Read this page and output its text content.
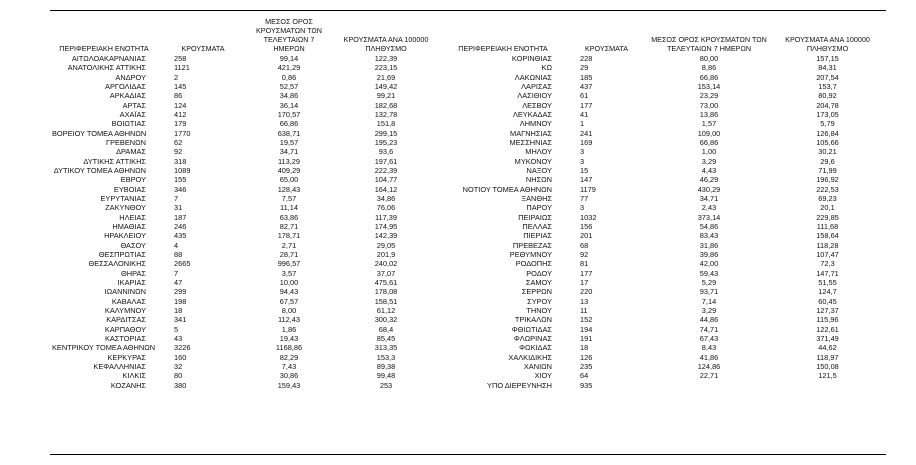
ΠΕΡΙΦΕΡΕΙΑΚΗ ΕΝΟΤΗΤΑ	ΚΡΟΥΣΜΑΤΑ	ΜΕΣΟΣ ΟΡΟΣ ΚΡΟΥΣΜΑΤΩΝ ΤΩΝ ΤΕΛΕΥΤΑΙΩΝ 7 ΗΜΕΡΩΝ	ΚΡΟΥΣΜΑΤΑ ΑΝΑ 100000 ΠΛΗΘΥΣΜΟ	ΠΕΡΙΦΕΡΕΙΑΚΗ ΕΝΟΤΗΤΑ	ΚΡΟΥΣΜΑΤΑ	ΜΕΣΟΣ ΟΡΟΣ ΚΡΟΥΣΜΑΤΩΝ ΤΩΝ ΤΕΛΕΥΤΑΙΩΝ 7 ΗΜΕΡΩΝ	ΚΡΟΥΣΜΑΤΑ ΑΝΑ 100000 ΠΛΗΘΥΣΜΟ
ΑΙΤΩΛΟΑΚΑΡΝΑΝΙΑΣ	258	99,14	122,39	ΚΟΡΙΝΘΙΑΣ	228	80,00	157,15
ΑΝΑΤΟΛΙΚΗΣ ΑΤΤΙΚΗΣ	1121	421,29	223,15	ΚΩ	29	8,86	84,31
ΑΝΔΡΟΥ	2	0,86	21,69	ΛΑΚΩΝΙΑΣ	185	66,86	207,54
ΑΡΓΟΛΙΔΑΣ	145	52,57	149,42	ΛΑΡΙΣΑΣ	437	153,14	153,7
ΑΡΚΑΔΙΑΣ	86	34,86	99,21	ΛΑΣΙΘΙΟΥ	61	23,29	80,92
ΑΡΤΑΣ	124	36,14	182,68	ΛΕΣΒΟΥ	177	73,00	204,78
ΑΧΑΪΑΣ	412	170,57	132,78	ΛΕΥΚΑΔΑΣ	41	13,86	173,05
ΒΟΙΩΤΙΑΣ	179	66,86	151,8	ΛΗΜΝΟΥ	1	1,57	5,79
ΒΟΡΕΙΟΥ ΤΟΜΕΑ ΑΘΗΝΩΝ	1770	638,71	299,15	ΜΑΓΝΗΣΙΑΣ	241	109,00	126,84
ΓΡΕΒΕΝΩΝ	62	19,57	195,23	ΜΕΣΣΗΝΙΑΣ	169	66,86	105,66
ΔΡΑΜΑΣ	92	34,71	93,6	ΜΗΛΟΥ	3	1,00	30,21
ΔΥΤΙΚΗΣ ΑΤΤΙΚΗΣ	318	113,29	197,61	ΜΥΚΟΝΟΥ	3	3,29	29,6
ΔΥΤΙΚΟΥ ΤΟΜΕΑ ΑΘΗΝΩΝ	1089	409,29	222,39	ΝΑΞΟΥ	15	4,43	71,99
ΕΒΡΟΥ	155	65,00	104,77	ΝΗΣΩΝ	147	46,29	196,92
ΕΥΒΟΙΑΣ	346	128,43	164,12	ΝΟΤΙΟΥ ΤΟΜΕΑ ΑΘΗΝΩΝ	1179	430,29	222,53
ΕΥΡΥΤΑΝΙΑΣ	7	7,57	34,86	ΞΑΝΘΗΣ	77	34,71	69,23
ΖΑΚΥΝΘΟΥ	31	11,14	76,06	ΠΑΡΟΥ	3	2,43	20,1
ΗΛΕΙΑΣ	187	63,86	117,39	ΠΕΙΡΑΙΩΣ	1032	373,14	229,85
ΗΜΑΘΙΑΣ	246	82,71	174,95	ΠΕΛΛΑΣ	156	54,86	111,68
ΗΡΑΚΛΕΙΟΥ	435	178,71	142,39	ΠΙΕΡΙΑΣ	201	83,43	158,64
ΘΑΣΟΥ	4	2,71	29,05	ΠΡΕΒΕΖΑΣ	68	31,86	118,28
ΘΕΣΠΡΩΤΙΑΣ	88	28,71	201,9	ΡΕΘΥΜΝΟΥ	92	39,86	107,47
ΘΕΣΣΑΛΟΝΙΚΗΣ	2665	996,57	240,02	ΡΟΔΟΠΗΣ	81	42,00	72,3
ΘΗΡΑΣ	7	3,57	37,07	ΡΟΔΟΥ	177	59,43	147,71
ΙΚΑΡΙΑΣ	47	10,00	475,61	ΣΑΜΟΥ	17	5,29	51,55
ΙΩΑΝΝΙΝΩΝ	299	94,43	178,08	ΣΕΡΡΩΝ	220	93,71	124,7
ΚΑΒΑΛΑΣ	198	67,57	158,51	ΣΥΡΟΥ	13	7,14	60,45
ΚΑΛΥΜΝΟΥ	18	8,00	61,12	ΤΗΝΟΥ	11	3,29	127,37
ΚΑΡΔΙΤΣΑΣ	341	112,43	300,32	ΤΡΙΚΑΛΩΝ	152	44,86	115,96
ΚΑΡΠΑΘΟΥ	5	1,86	68,4	ΦΘΙΩΤΙΔΑΣ	194	74,71	122,61
ΚΑΣΤΟΡΙΑΣ	43	19,43	85,45	ΦΛΩΡΙΝΑΣ	191	67,43	371,49
ΚΕΝΤΡΙΚΟΥ ΤΟΜΕΑ ΑΘΗΝΩΝ	3226	1168,86	313,35	ΦΩΚΙΔΑΣ	18	8,43	44,62
ΚΕΡΚΥΡΑΣ	160	82,29	153,3	ΧΑΛΚΙΔΙΚΗΣ	126	41,86	118,97
ΚΕΦΑΛΛΗΝΙΑΣ	32	7,43	89,38	ΧΑΝΙΩΝ	235	124,86	150,08
ΚΙΛΚΙΣ	80	30,86	99,48	ΧΙΟΥ	64	22,71	121,5
ΚΟΖΑΝΗΣ	380	159,43	253	ΥΠΟ ΔΙΕΡΕΥΝΗΣΗ	935		
